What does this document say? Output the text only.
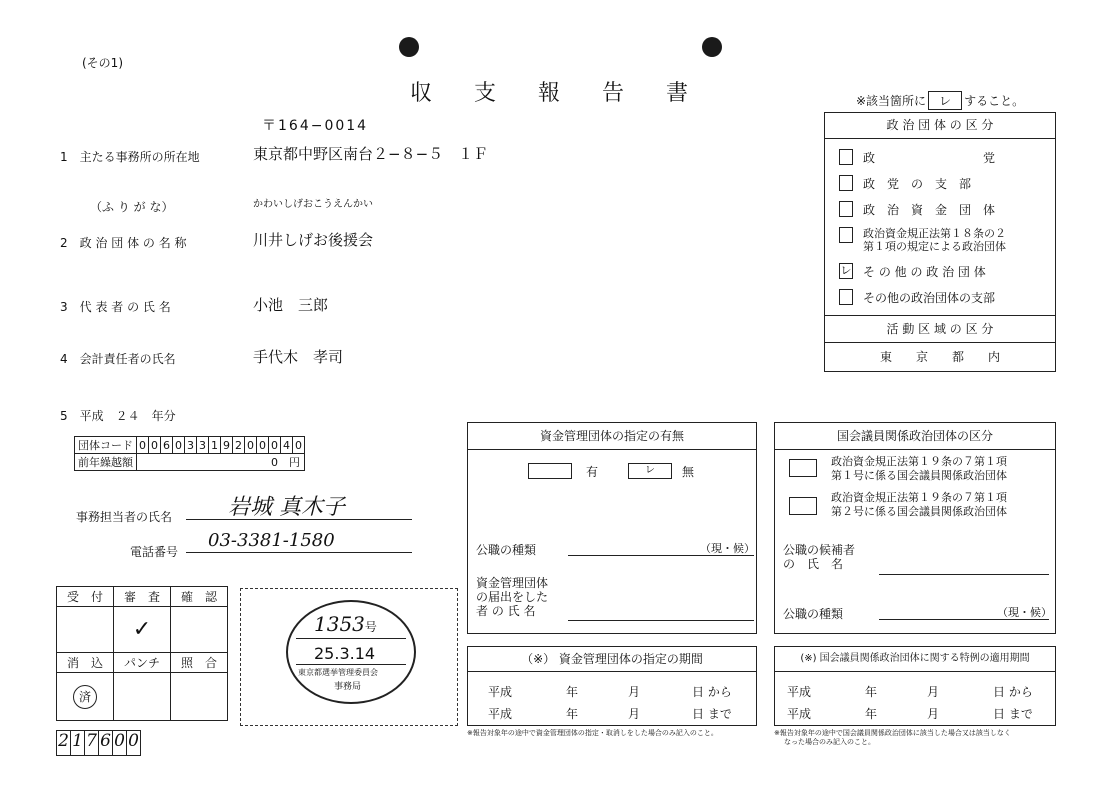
(その1)
収 支 報 告 書	※該当箇所に レ すること。
〒164−0014
1　主たる事務所の所在地	東京都中野区南台２−８−５　１Ｆ
（ふ り が な）	かわいしげおこうえんかい
2　政 治 団 体 の 名 称	川井しげお後援会
3　代 表 者 の 氏 名	小池　三郎
4　会計責任者の氏名	手代木　孝司
5　平成　２４　年分
政 治 団 体 の 区 分
政　　　　　　　　　党
政　党　の　支　部
政　治　資　金　団　体
政治資金規正法第１８条の２
第１項の規定による政治団体
レ そ の 他 の 政 治 団 体
その他の政治団体の支部
活 動 区 域 の 区 分
東　　京　　都　　内
団体コード	0	0	6	0	3	3	1	9	2	0	0	0	4	0
前年繰越額	0　 円													
事務担当者の氏名	岩城 真木子
電話番号
03-3381-1580
受　付	審　査	確　認
	✓	
消　込	パンチ	照　合
済		
2 1 7 6 0 0
1353号
25.3.14
東京都選挙管理委員会
事務局
資金管理団体の指定の有無
有	レ	無
公職の種類	（現・候）
資金管理団体
の届出をした
者 の 氏 名
国会議員関係政治団体の区分
政治資金規正法第１９条の７第１項
第１号に係る国会議員関係政治団体
政治資金規正法第１９条の７第１項
第２号に係る国会議員関係政治団体
公職の候補者
の　氏　名
公職の種類	（現・候）
（※） 資金管理団体の指定の期間
平成	年	月	日 から
平成	年	月	日 まで
※報告対象年の途中で資金管理団体の指定・取消しをした場合のみ記入のこと。
(※) 国会議員関係政治団体に関する特例の適用期間
平成	年	月	日 から
平成	年	月	日 まで
※報告対象年の途中で国会議員関係政治団体に該当した場合又は該当しなく
なった場合のみ記入のこと。
